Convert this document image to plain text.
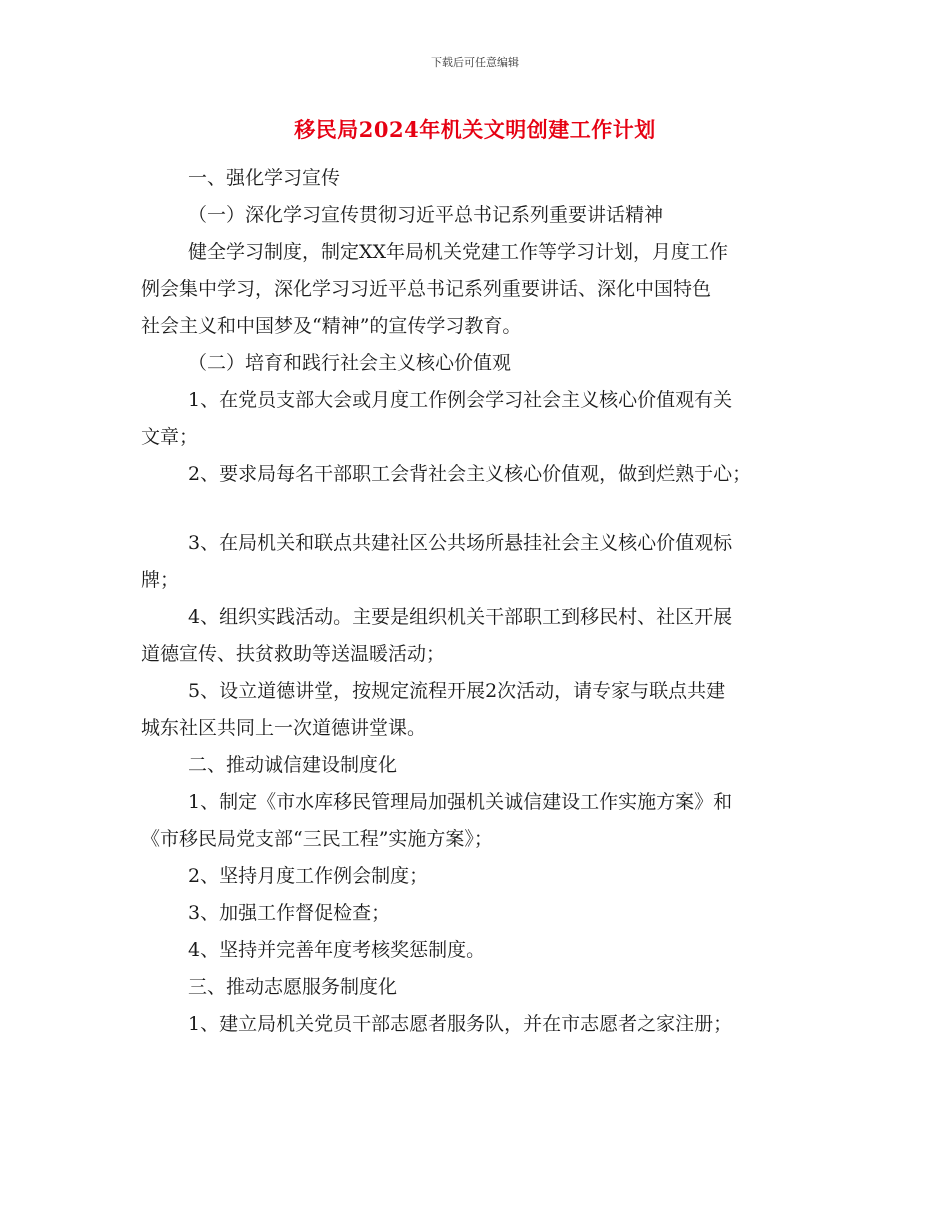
下载后可任意编辑
移民局2024年机关文明创建工作计划
一、强化学习宣传
（一）深化学习宣传贯彻习近平总书记系列重要讲话精神
健全学习制度，制定XX年局机关党建工作等学习计划，月度工作
例会集中学习，深化学习习近平总书记系列重要讲话、深化中国特色
社会主义和中国梦及“精神”的宣传学习教育。
（二）培育和践行社会主义核心价值观
1、在党员支部大会或月度工作例会学习社会主义核心价值观有关
文章；
2、要求局每名干部职工会背社会主义核心价值观，做到烂熟于心；
3、在局机关和联点共建社区公共场所悬挂社会主义核心价值观标
牌；
4、组织实践活动。主要是组织机关干部职工到移民村、社区开展
道德宣传、扶贫救助等送温暖活动；
5、设立道德讲堂，按规定流程开展2次活动，请专家与联点共建
城东社区共同上一次道德讲堂课。
二、推动诚信建设制度化
1、制定《市水库移民管理局加强机关诚信建设工作实施方案》和
《市移民局党支部“三民工程”实施方案》；
2、坚持月度工作例会制度；
3、加强工作督促检查；
4、坚持并完善年度考核奖惩制度。
三、推动志愿服务制度化
1、建立局机关党员干部志愿者服务队，并在市志愿者之家注册；
